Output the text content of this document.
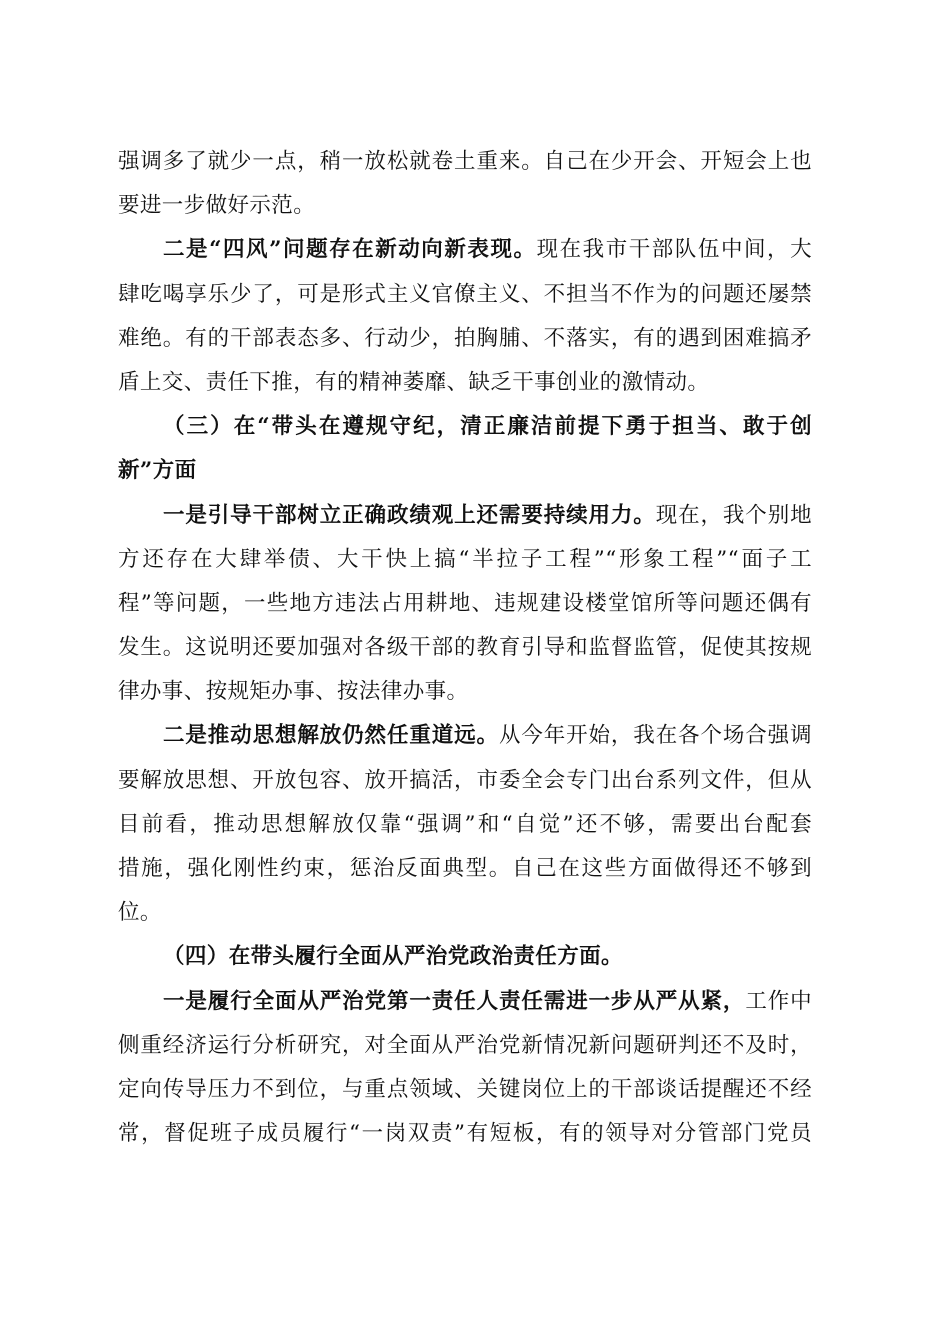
强调多了就少一点，稍一放松就卷土重来。自己在少开会、开短会上也
要进一步做好示范。
二是“四风”问题存在新动向新表现。现在我市干部队伍中间，大
肆吃喝享乐少了，可是形式主义官僚主义、不担当不作为的问题还屡禁
难绝。有的干部表态多、行动少，拍胸脯、不落实，有的遇到困难搞矛
盾上交、责任下推，有的精神萎靡、缺乏干事创业的激情动。
（三）在“带头在遵规守纪，清正廉洁前提下勇于担当、敢于创
新”方面
一是引导干部树立正确政绩观上还需要持续用力。现在，我个别地
方还存在大肆举债、大干快上搞“半拉子工程”“形象工程”“面子工
程”等问题，一些地方违法占用耕地、违规建设楼堂馆所等问题还偶有
发生。这说明还要加强对各级干部的教育引导和监督监管，促使其按规
律办事、按规矩办事、按法律办事。
二是推动思想解放仍然任重道远。从今年开始，我在各个场合强调
要解放思想、开放包容、放开搞活，市委全会专门出台系列文件，但从
目前看，推动思想解放仅靠“强调”和“自觉”还不够，需要出台配套
措施，强化刚性约束，惩治反面典型。自己在这些方面做得还不够到
位。
（四）在带头履行全面从严治党政治责任方面。
一是履行全面从严治党第一责任人责任需进一步从严从紧，工作中
侧重经济运行分析研究，对全面从严治党新情况新问题研判还不及时，
定向传导压力不到位，与重点领域、关键岗位上的干部谈话提醒还不经
常，督促班子成员履行“一岗双责”有短板，有的领导对分管部门党员
